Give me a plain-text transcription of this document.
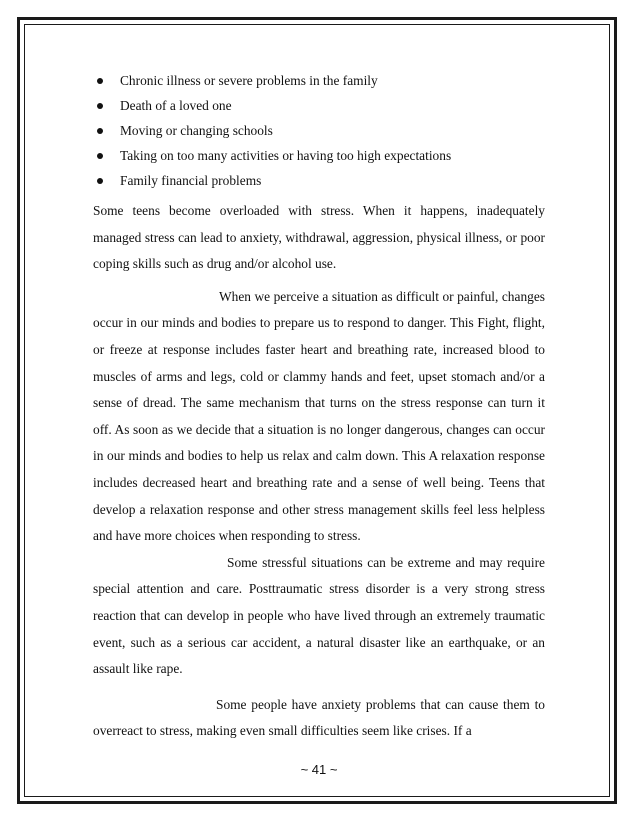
Chronic illness or severe problems in the family
Death of a loved one
Moving or changing schools
Taking on too many activities or having too high expectations
Family financial problems

Some teens become overloaded with stress. When it happens, inadequately managed stress can lead to anxiety, withdrawal, aggression, physical illness, or poor coping skills such as drug and/or alcohol use.

When we perceive a situation as difficult or painful, changes occur in our minds and bodies to prepare us to respond to danger. This Fight, flight, or freeze at response includes faster heart and breathing rate, increased blood to muscles of arms and legs, cold or clammy hands and feet, upset stomach and/or a sense of dread. The same mechanism that turns on the stress response can turn it off. As soon as we decide that a situation is no longer dangerous, changes can occur in our minds and bodies to help us relax and calm down. This A relaxation response includes decreased heart and breathing rate and a sense of well being. Teens that develop a relaxation response and other stress management skills feel less helpless and have more choices when responding to stress.

Some stressful situations can be extreme and may require special attention and care. Posttraumatic stress disorder is a very strong stress reaction that can develop in people who have lived through an extremely traumatic event, such as a serious car accident, a natural disaster like an earthquake, or an assault like rape.

Some people have anxiety problems that can cause them to overreact to stress, making even small difficulties seem like crises. If a

~ 41 ~
